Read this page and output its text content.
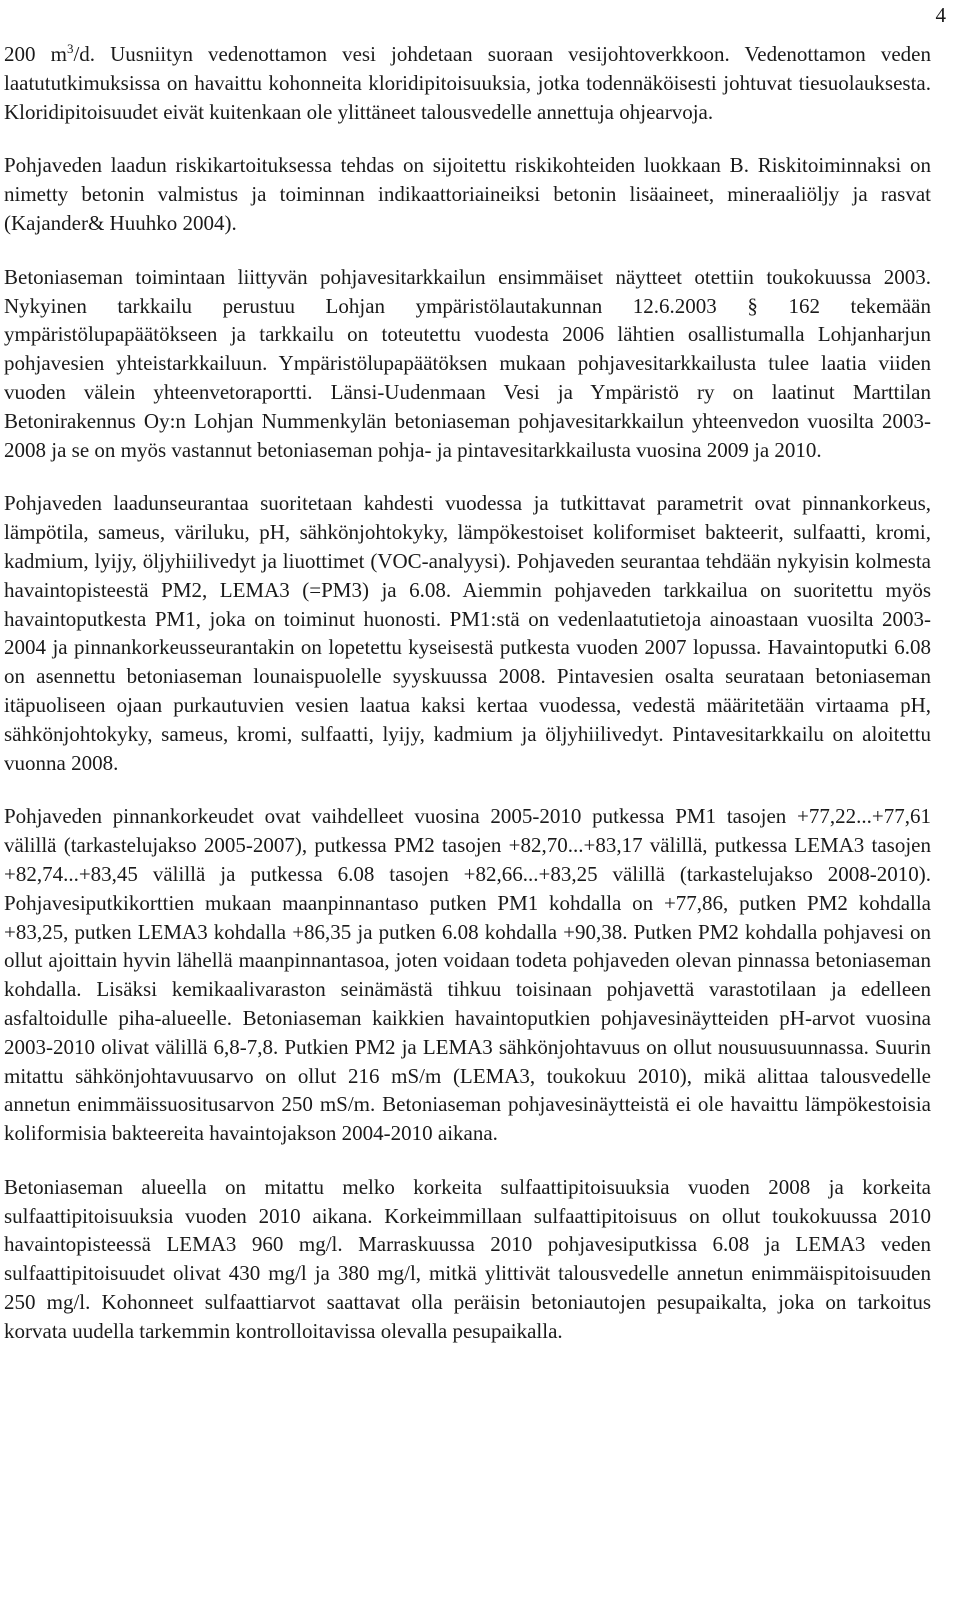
4

200 $m^3/d$. Uusniityn vedenottamon vesi johdetaan suoraan vesijohtoverkkoon. Vedenottamon veden laatututkimuksissa on havaittu kohonneita kloridipitoisuuksia, jotka todennäköisesti johtuvat tiesuolauksesta. Kloridipitoisuudet eivät kuitenkaan ole ylittäneet talousvedelle annettuja ohjearvoja.

Pohjaveden laadun riskikartoituksessa tehdas on sijoitettu riskikohteiden luokkaan B. Riskitoiminnaksi on nimetty betonin valmistus ja toiminnan indikaattoriaineiksi betonin lisäaineet, mineraaliöljy ja rasvat (Kajander& Huuhko 2004).

Betoniaseman toimintaan liittyvän pohjavesitarkkailun ensimmäiset näytteet otettiin toukokuussa 2003. Nykyinen tarkkailu perustuu Lohjan ympäristölautakunnan 12.6.2003 § 162 tekemään ympäristölupapäätökseen ja tarkkailu on toteutettu vuodesta 2006 lähtien osallistumalla Lohjanharjun pohjavesien yhteistarkkailuun. Ympäristölupapäätöksen mukaan pohjavesitarkkailusta tulee laatia viiden vuoden välein yhteenvetoraportti. Länsi-Uudenmaan Vesi ja Ympäristö ry on laatinut Marttilan Betonirakennus Oy:n Lohjan Nummenkylän betoniaseman pohjavesitarkkailun yhteenvedon vuosilta 2003-2008 ja se on myös vastannut betoniaseman pohja- ja pintavesitarkkailusta vuosina 2009 ja 2010.

Pohjaveden laadunseurantaa suoritetaan kahdesti vuodessa ja tutkittavat parametrit ovat pinnankorkeus, lämpötila, sameus, väriluku, pH, sähkönjohtokyky, lämpökestoiset koliformiset bakteerit, sulfaatti, kromi, kadmium, lyijy, öljyhiilivedyt ja liuottimet (VOC-analyysi). Pohjaveden seurantaa tehdään nykyisin kolmesta havaintopisteestä PM2, LEMA3 (=PM3) ja 6.08. Aiemmin pohjaveden tarkkailua on suoritettu myös havaintoputkesta PM1, joka on toiminut huonosti. PM1:stä on vedenlaatutietoja ainoastaan vuosilta 2003-2004 ja pinnankorkeusseurantakin on lopetettu kyseisestä putkesta vuoden 2007 lopussa. Havaintoputki 6.08 on asennettu betoniaseman lounaispuolelle syyskuussa 2008. Pintavesien osalta seurataan betoniaseman itäpuoliseen ojaan purkautuvien vesien laatua kaksi kertaa vuodessa, vedestä määritetään virtaama pH, sähkönjohtokyky, sameus, kromi, sulfaatti, lyijy, kadmium ja öljyhiilivedyt. Pintavesitarkkailu on aloitettu vuonna 2008.

Pohjaveden pinnankorkeudet ovat vaihdelleet vuosina 2005-2010 putkessa PM1 tasojen +77,22...+77,61 välillä (tarkastelujakso 2005-2007), putkessa PM2 tasojen +82,70...+83,17 välillä, putkessa LEMA3 tasojen +82,74...+83,45 välillä ja putkessa 6.08 tasojen +82,66...+83,25 välillä (tarkastelujakso 2008-2010). Pohjavesiputkikorttien mukaan maanpinnantaso putken PM1 kohdalla on +77,86, putken PM2 kohdalla +83,25, putken LEMA3 kohdalla +86,35 ja putken 6.08 kohdalla +90,38. Putken PM2 kohdalla pohjavesi on ollut ajoittain hyvin lähellä maanpinnantasoa, joten voidaan todeta pohjaveden olevan pinnassa betoniaseman kohdalla. Lisäksi kemikaalivaraston seinämästä tihkuu toisinaan pohjavettä varastotilaan ja edelleen asfaltoidulle piha-alueelle. Betoniaseman kaikkien havaintoputkien pohjavesinäytteiden pH-arvot vuosina 2003-2010 olivat välillä 6,8-7,8. Putkien PM2 ja LEMA3 sähkönjohtavuus on ollut nousuusuunnassa. Suurin mitattu sähkönjohtavuusarvo on ollut 216 mS/m (LEMA3, toukokuu 2010), mikä alittaa talousvedelle annetun enimmäissuositusarvon 250 mS/m. Betoniaseman pohjavesinäytteistä ei ole havaittu lämpökestoisia koliformisia bakteereita havaintojakson 2004-2010 aikana.

Betoniaseman alueella on mitattu melko korkeita sulfaattipitoisuuksia vuoden 2008 ja korkeita sulfaattipitoisuuksia vuoden 2010 aikana. Korkeimmillaan sulfaattipitoisuus on ollut toukokuussa 2010 havaintopisteessä LEMA3 960 mg/l. Marraskuussa 2010 pohjavesiputkissa 6.08 ja LEMA3 veden sulfaattipitoisuudet olivat 430 mg/l ja 380 mg/l, mitkä ylittivät talousvedelle annetun enimmäispitoisuuden 250 mg/l. Kohonneet sulfaattiarvot saattavat olla peräisin betoniautojen pesupaikalta, joka on tarkoitus korvata uudella tarkemmin kontrolloitavissa olevalla pesupaikalla.
